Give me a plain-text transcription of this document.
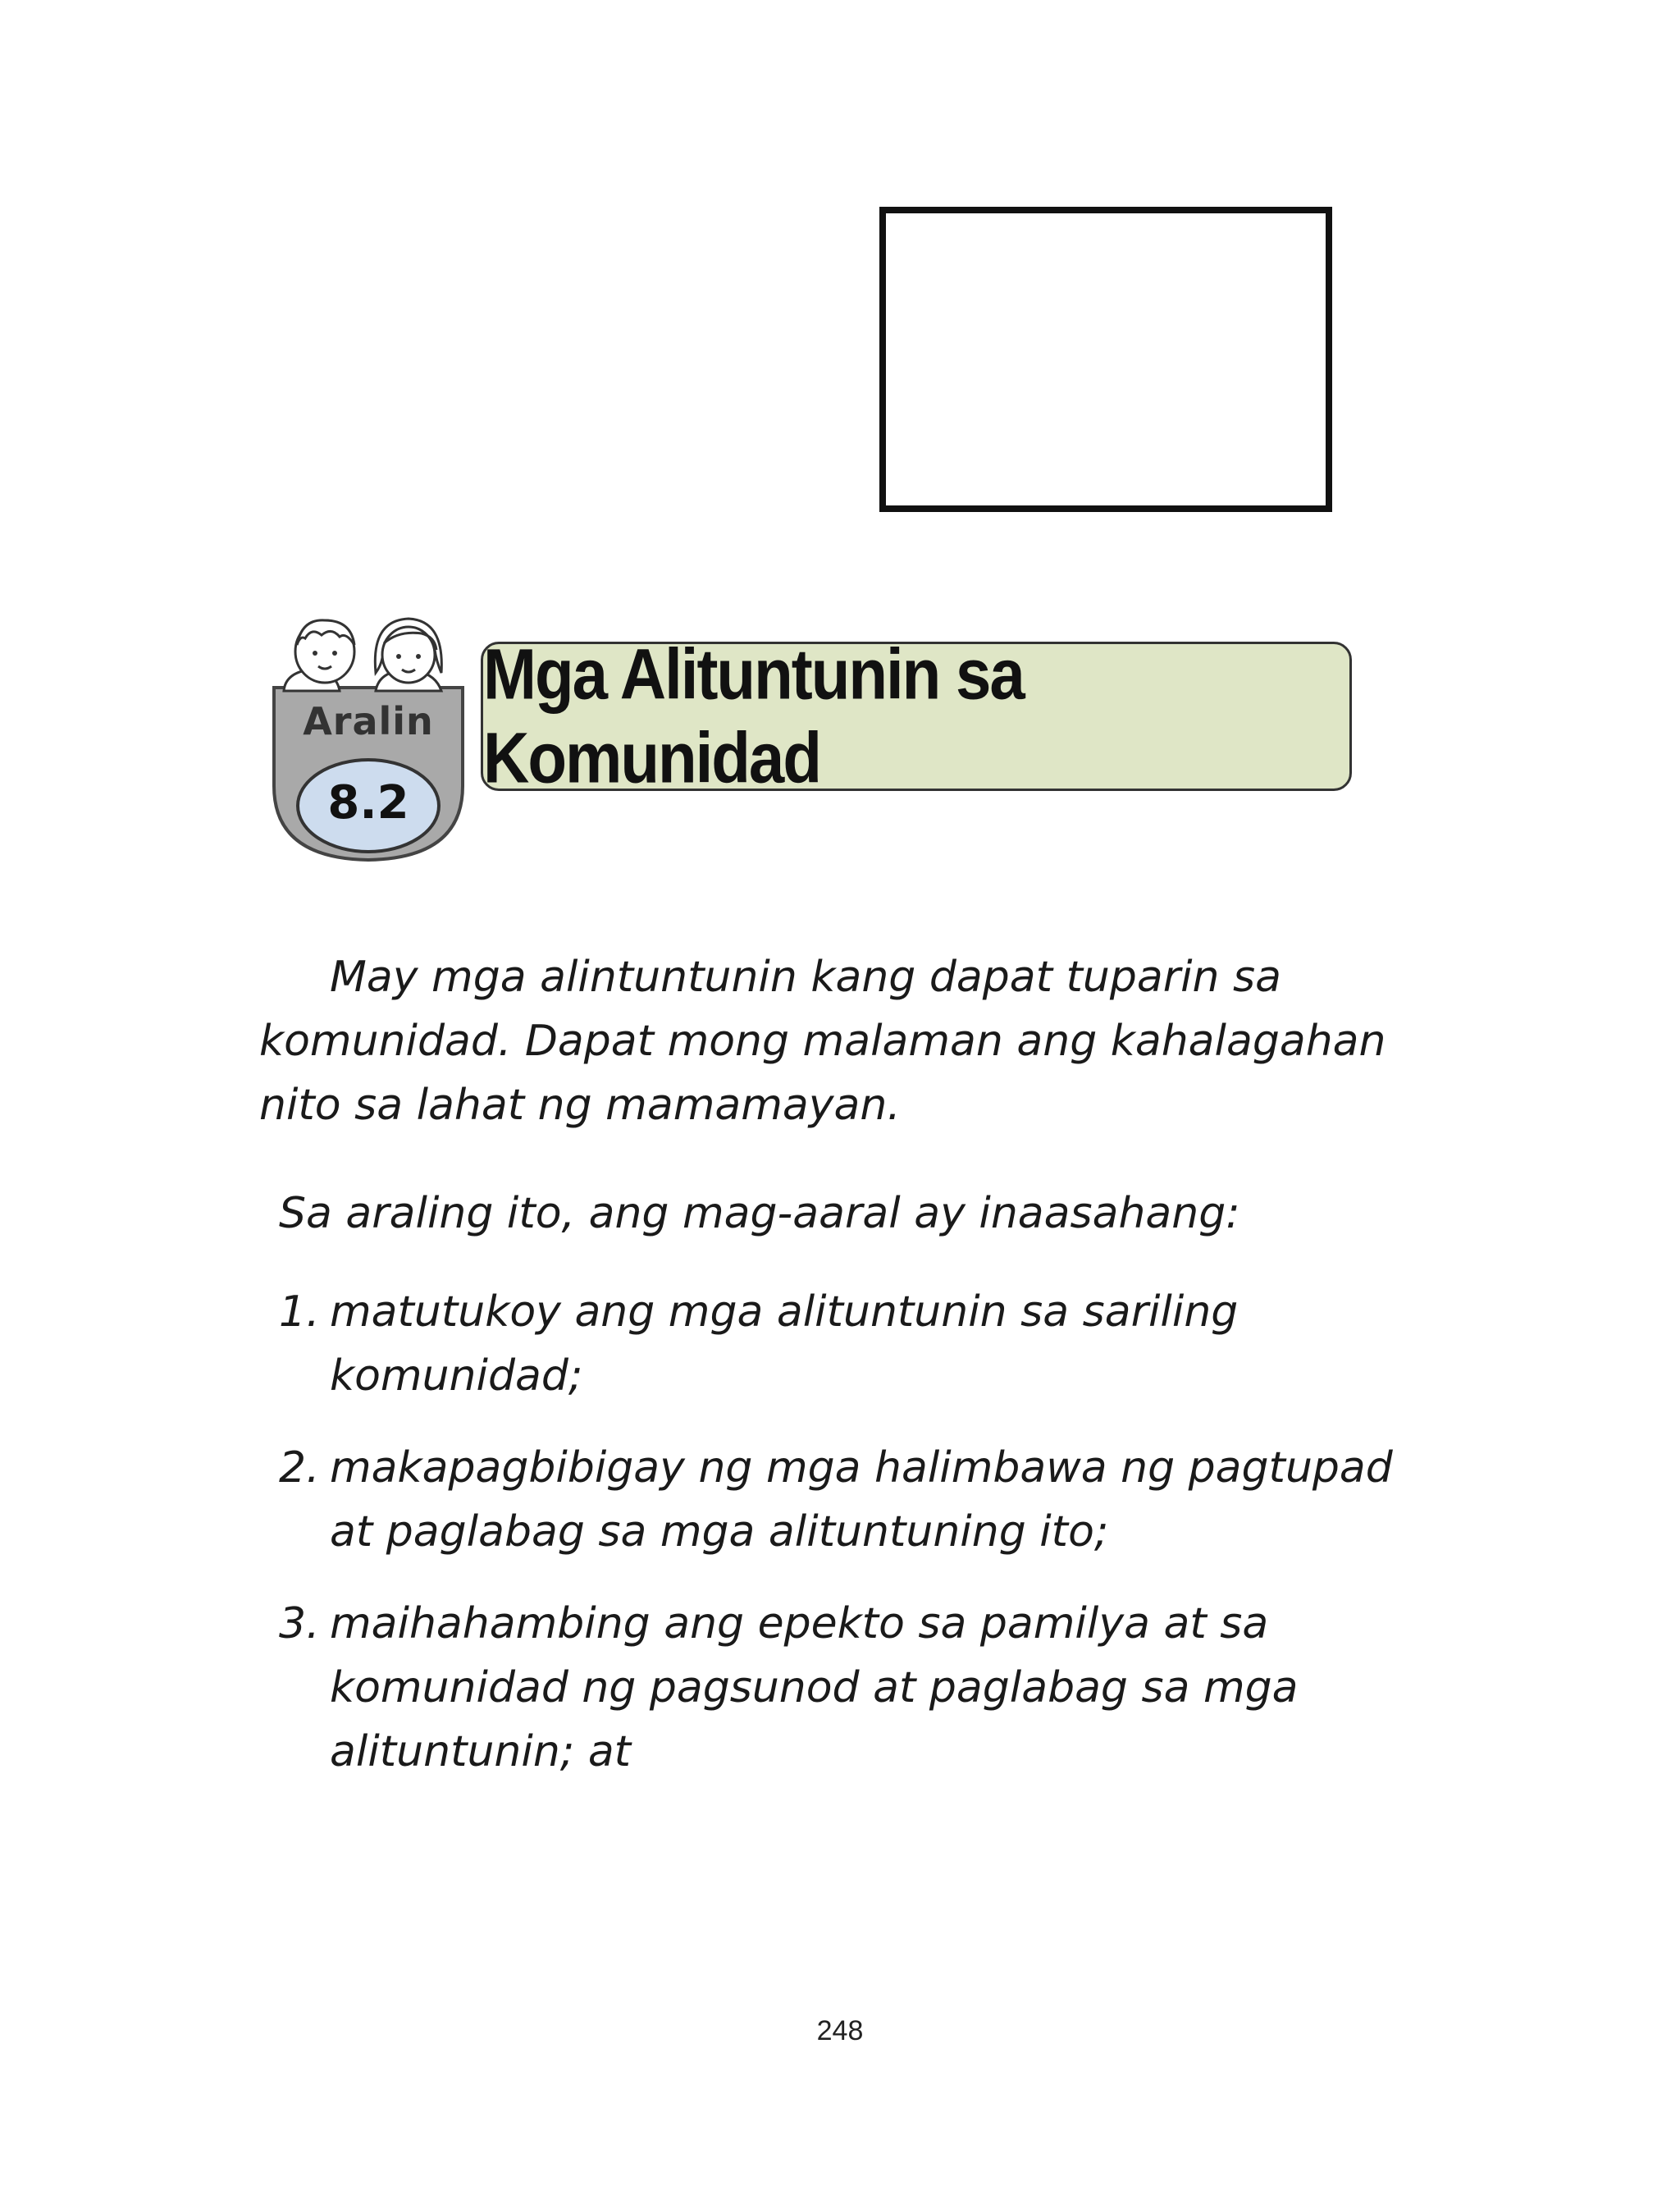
Aralin
8.2
Mga Alituntunin sa Komunidad

May mga alintuntunin kang dapat tuparin sa komunidad. Dapat mong malaman ang kahalagahan nito sa lahat ng mamamayan.

Sa araling ito, ang mag-aaral ay inaasahang:

1. matutukoy ang mga alituntunin sa sariling komunidad;
2. makapagbibigay ng mga halimbawa ng pagtupad at paglabag sa mga alituntuning ito;
3. maihahambing ang epekto sa pamilya at sa komunidad ng pagsunod at paglabag sa mga alituntunin; at
248
